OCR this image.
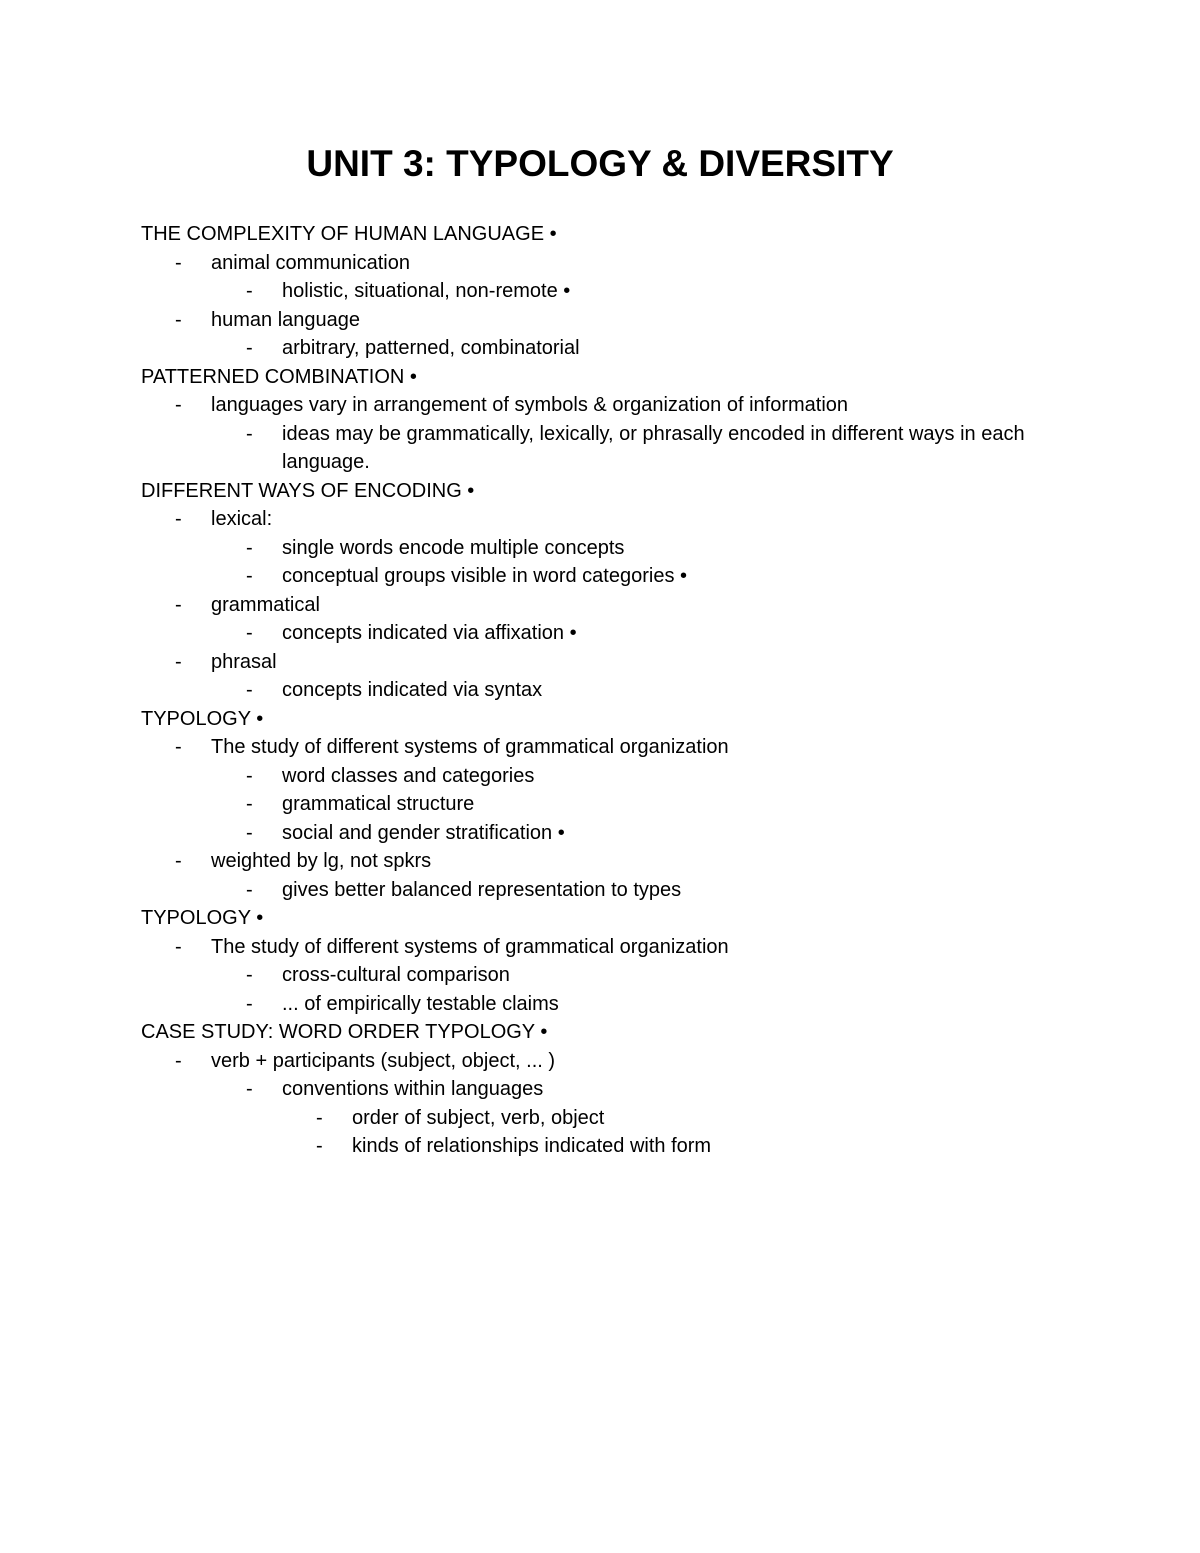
UNIT 3: TYPOLOGY & DIVERSITY
THE COMPLEXITY OF HUMAN LANGUAGE •
- animal communication
- holistic, situational, non-remote •
- human language
- arbitrary, patterned, combinatorial
PATTERNED COMBINATION •
- languages vary in arrangement of symbols & organization of information
- ideas may be grammatically, lexically, or phrasally encoded in different ways in each language.
DIFFERENT WAYS OF ENCODING •
- lexical:
- single words encode multiple concepts
- conceptual groups visible in word categories •
- grammatical
- concepts indicated via affixation •
- phrasal
- concepts indicated via syntax
TYPOLOGY •
- The study of different systems of grammatical organization
- word classes and categories
- grammatical structure
- social and gender stratification •
- weighted by lg, not spkrs
- gives better balanced representation to types
TYPOLOGY •
- The study of different systems of grammatical organization
- cross-cultural comparison
- ... of empirically testable claims
CASE STUDY: WORD ORDER TYPOLOGY •
- verb + participants (subject, object, ... )
- conventions within languages
- order of subject, verb, object
- kinds of relationships indicated with form
